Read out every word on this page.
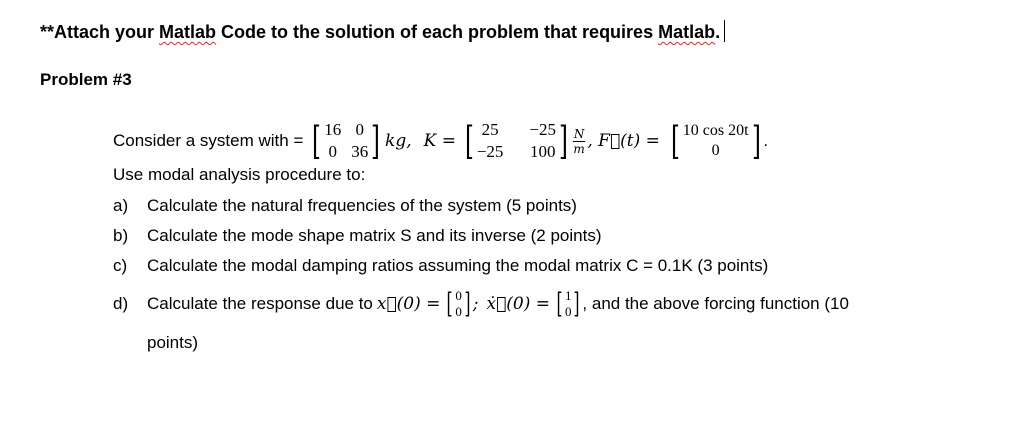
**Attach your Matlab Code to the solution of each problem that requires Matlab.
Problem #3
Consider a system with = [ 16 0
0 36 ] kg, K = [ 25 −25
−25 100 ] $\frac{N}{m}$ , F⃗(t) = [ 10 cos 20t
0 ] .
Use modal analysis procedure to:
a)	Calculate the natural frequencies of the system (5 points)
b)	Calculate the mode shape matrix S and its inverse (2 points)
c)	Calculate the modal damping ratios assuming the modal matrix C = 0.1K (3 points)
d)	Calculate the response due to x⃗(0) = [ 0
0 ] ; ẋ⃗(0) = [ 1
0 ] , and the above forcing function (10
points)
